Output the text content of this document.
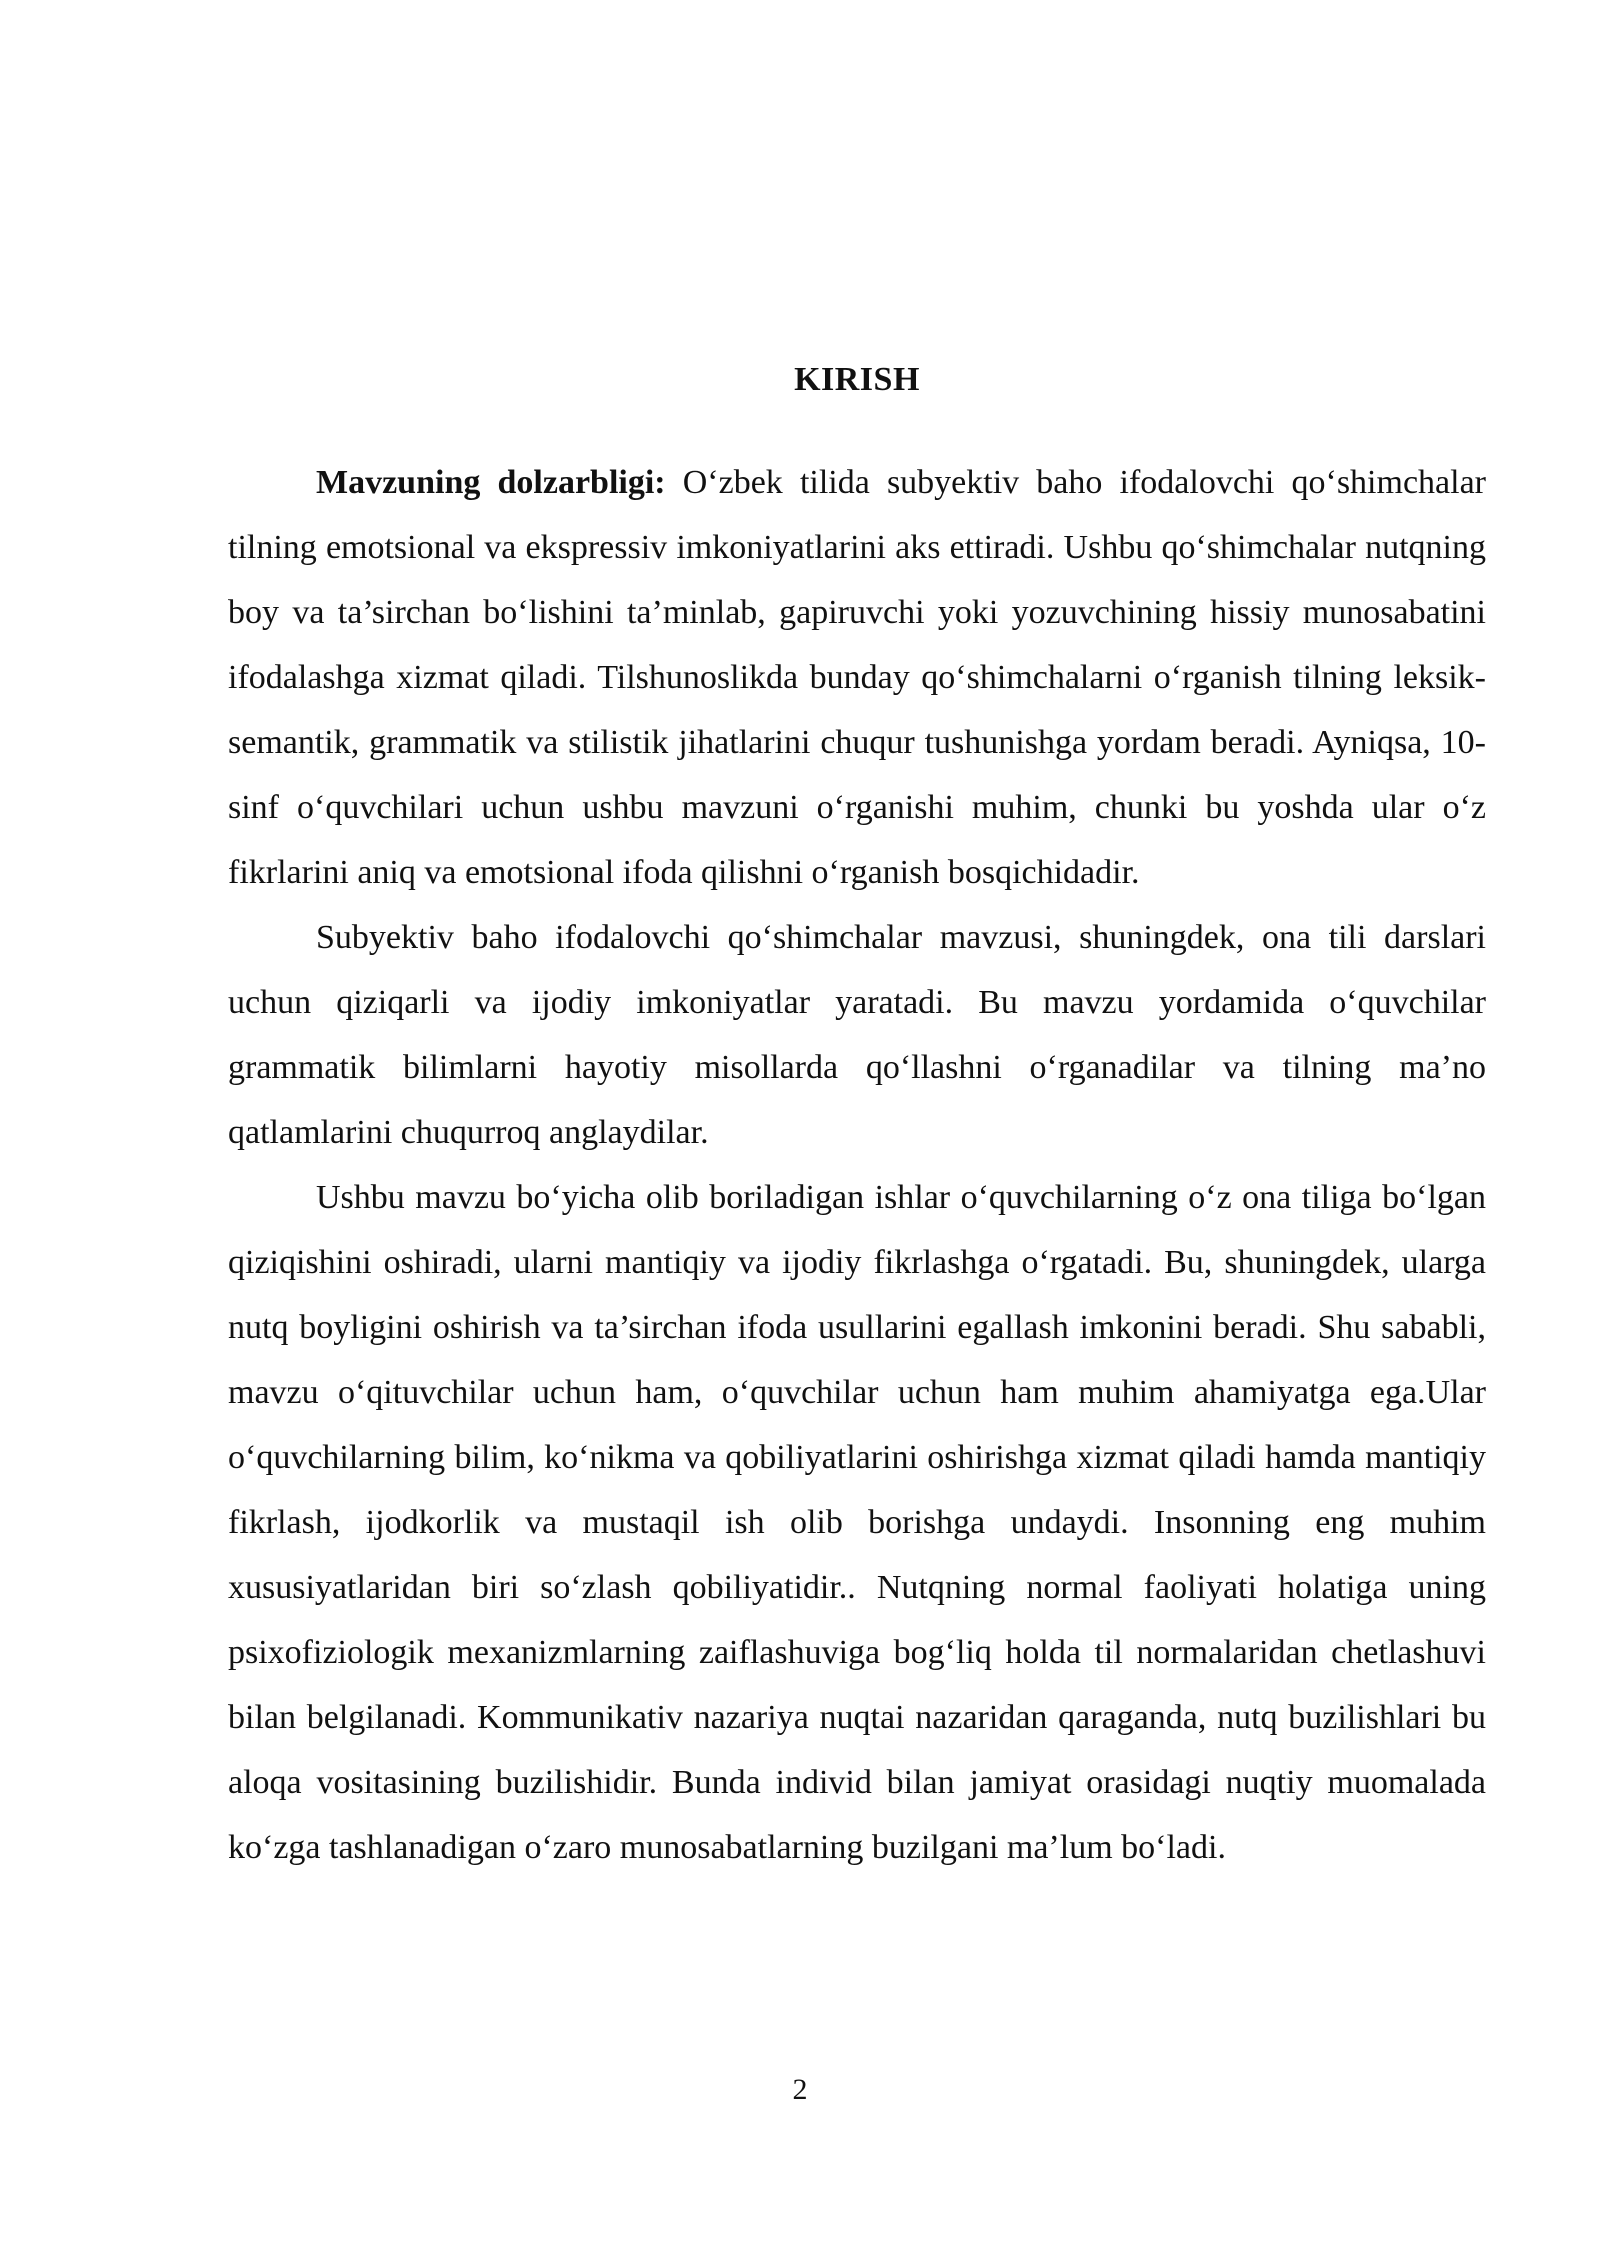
KIRISH

Mavzuning dolzarbligi: O‘zbek tilida subyektiv baho ifodalovchi qo‘shimchalar tilning emotsional va ekspressiv imkoniyatlarini aks ettiradi. Ushbu qo‘shimchalar nutqning boy va ta’sirchan bo‘lishini ta’minlab, gapiruvchi yoki yozuvchining hissiy munosabatini ifodalashga xizmat qiladi. Tilshunoslikda bunday qo‘shimchalarni o‘rganish tilning leksik-semantik, grammatik va stilistik jihatlarini chuqur tushunishga yordam beradi. Ayniqsa, 10-sinf o‘quvchilari uchun ushbu mavzuni o‘rganishi muhim, chunki bu yoshda ular o‘z fikrlarini aniq va emotsional ifoda qilishni o‘rganish bosqichidadir.

Subyektiv baho ifodalovchi qo‘shimchalar mavzusi, shuningdek, ona tili darslari uchun qiziqarli va ijodiy imkoniyatlar yaratadi. Bu mavzu yordamida o‘quvchilar grammatik bilimlarni hayotiy misollarda qo‘llashni o‘rganadilar va tilning ma’no qatlamlarini chuqurroq anglaydilar.

Ushbu mavzu bo‘yicha olib boriladigan ishlar o‘quvchilarning o‘z ona tiliga bo‘lgan qiziqishini oshiradi, ularni mantiqiy va ijodiy fikrlashga o‘rgatadi. Bu, shuningdek, ularga nutq boyligini oshirish va ta’sirchan ifoda usullarini egallash imkonini beradi. Shu sababli, mavzu o‘qituvchilar uchun ham, o‘quvchilar uchun ham muhim ahamiyatga ega.Ular o‘quvchilarning bilim, ko‘nikma va qobiliyatlarini oshirishga xizmat qiladi hamda mantiqiy fikrlash, ijodkorlik va mustaqil ish olib borishga undaydi. Insonning eng muhim xususiyatlaridan biri so‘zlash qobiliyatidir.. Nutqning normal faoliyati holatiga uning psixofiziologik mexanizmlarning zaiflashuviga bog‘liq holda til normalaridan chetlashuvi bilan belgilanadi. Kommunikativ nazariya nuqtai nazaridan qaraganda, nutq buzilishlari bu aloqa vositasining buzilishidir. Bunda individ bilan jamiyat orasidagi nuqtiy muomalada ko‘zga tashlanadigan o‘zaro munosabatlarning buzilgani ma’lum bo‘ladi.

2
